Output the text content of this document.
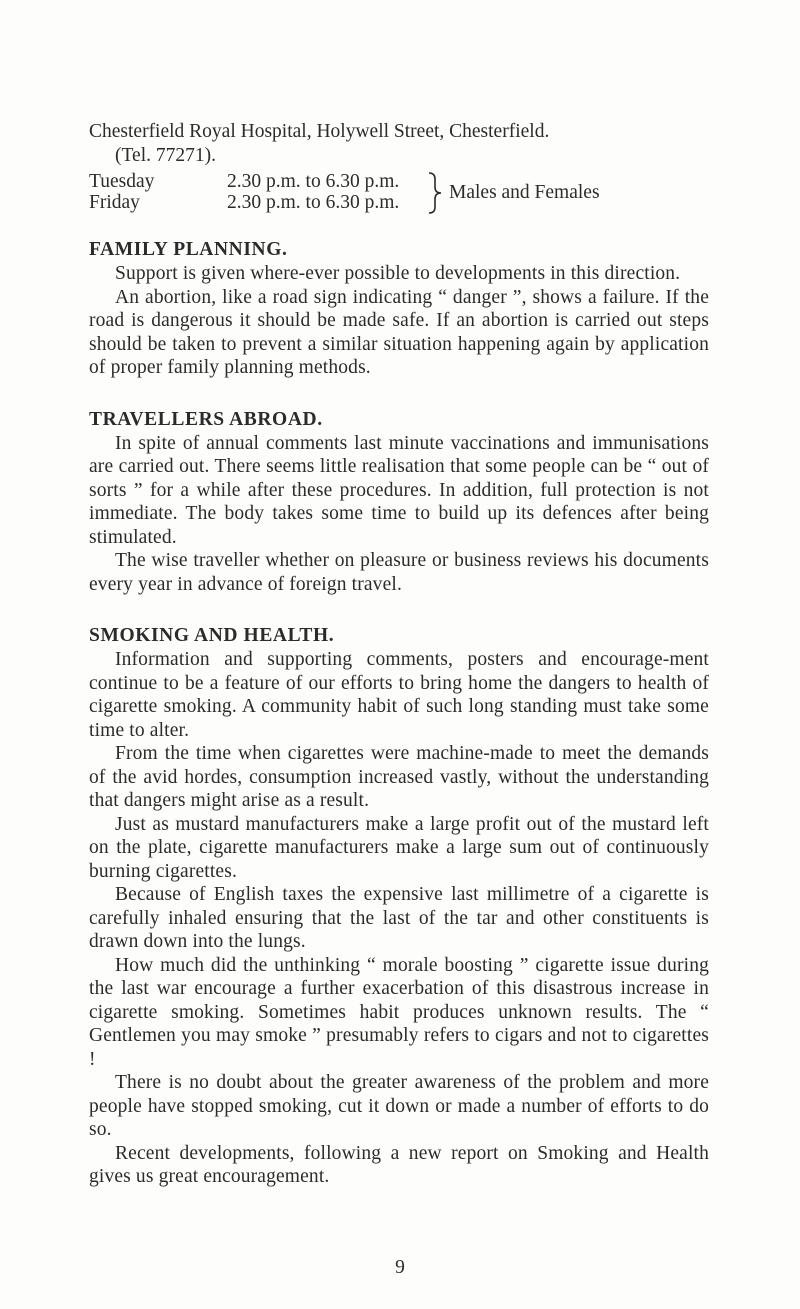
Chesterfield Royal Hospital, Holywell Street, Chesterfield.
(Tel. 77271).
Tuesday
Friday
2.30 p.m. to 6.30 p.m.
2.30 p.m. to 6.30 p.m.	Males and Females
FAMILY PLANNING.

Support is given where-ever possible to developments in this direction.

An abortion, like a road sign indicating “ danger ”, shows a failure. If the road is dangerous it should be made safe. If an abortion is carried out steps should be taken to prevent a similar situation happening again by application of proper family planning methods.

TRAVELLERS ABROAD.

In spite of annual comments last minute vaccinations and immunisations are carried out. There seems little realisation that some people can be “ out of sorts ” for a while after these procedures. In addition, full protection is not immediate. The body takes some time to build up its defences after being stimulated.

The wise traveller whether on pleasure or business reviews his documents every year in advance of foreign travel.

SMOKING AND HEALTH.

Information and supporting comments, posters and encourage-ment continue to be a feature of our efforts to bring home the dangers to health of cigarette smoking. A community habit of such long standing must take some time to alter.

From the time when cigarettes were machine-made to meet the demands of the avid hordes, consumption increased vastly, without the understanding that dangers might arise as a result.

Just as mustard manufacturers make a large profit out of the mustard left on the plate, cigarette manufacturers make a large sum out of continuously burning cigarettes.

Because of English taxes the expensive last millimetre of a cigarette is carefully inhaled ensuring that the last of the tar and other constituents is drawn down into the lungs.

How much did the unthinking “ morale boosting ” cigarette issue during the last war encourage a further exacerbation of this disastrous increase in cigarette smoking. Sometimes habit produces unknown results. The “ Gentlemen you may smoke ” presumably refers to cigars and not to cigarettes !

There is no doubt about the greater awareness of the problem and more people have stopped smoking, cut it down or made a number of efforts to do so.

Recent developments, following a new report on Smoking and Health gives us great encouragement.

9
